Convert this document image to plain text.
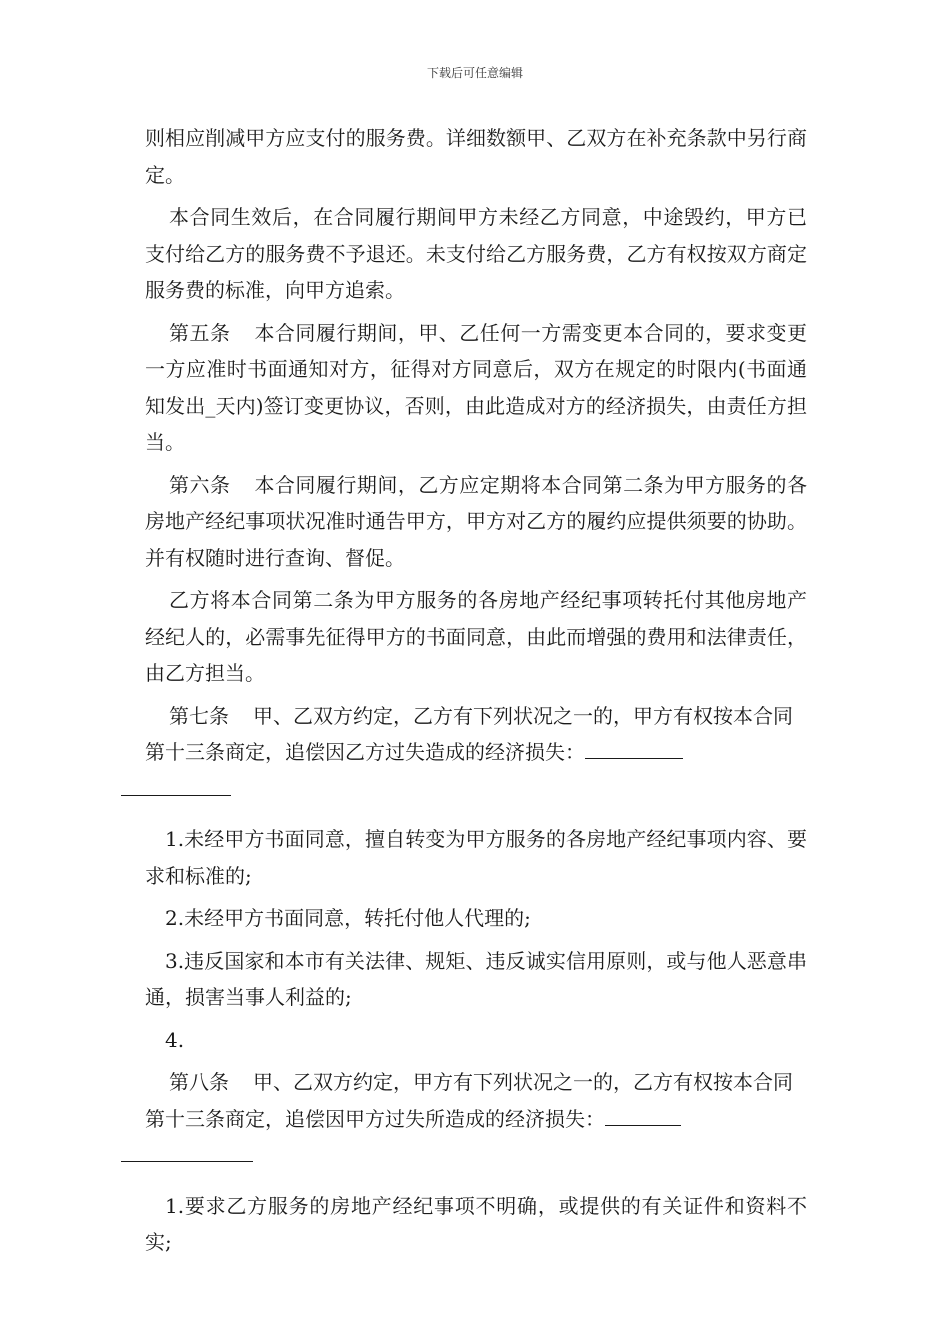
下载后可任意编辑

则相应削减甲方应支付的服务费。详细数额甲、乙双方在补充条款中另行商定。

本合同生效后，在合同履行期间甲方未经乙方同意，中途毁约，甲方已支付给乙方的服务费不予退还。未支付给乙方服务费，乙方有权按双方商定服务费的标准，向甲方追索。

第五条 本合同履行期间，甲、乙任何一方需变更本合同的，要求变更一方应准时书面通知对方，征得对方同意后，双方在规定的时限内(书面通知发出_天内)签订变更协议，否则，由此造成对方的经济损失，由责任方担当。

第六条 本合同履行期间，乙方应定期将本合同第二条为甲方服务的各房地产经纪事项状况准时通告甲方，甲方对乙方的履约应提供须要的协助。并有权随时进行查询、督促。

乙方将本合同第二条为甲方服务的各房地产经纪事项转托付其他房地产经纪人的，必需事先征得甲方的书面同意，由此而增强的费用和法律责任，由乙方担当。

第七条 甲、乙双方约定，乙方有下列状况之一的，甲方有权按本合同第十三条商定，追偿因乙方过失造成的经济损失：

1.未经甲方书面同意，擅自转变为甲方服务的各房地产经纪事项内容、要求和标准的;

2.未经甲方书面同意，转托付他人代理的;

3.违反国家和本市有关法律、规矩、违反诚实信用原则，或与他人恶意串通，损害当事人利益的;

4.

第八条 甲、乙双方约定，甲方有下列状况之一的，乙方有权按本合同第十三条商定，追偿因甲方过失所造成的经济损失：

1.要求乙方服务的房地产经纪事项不明确，或提供的有关证件和资料不实;
